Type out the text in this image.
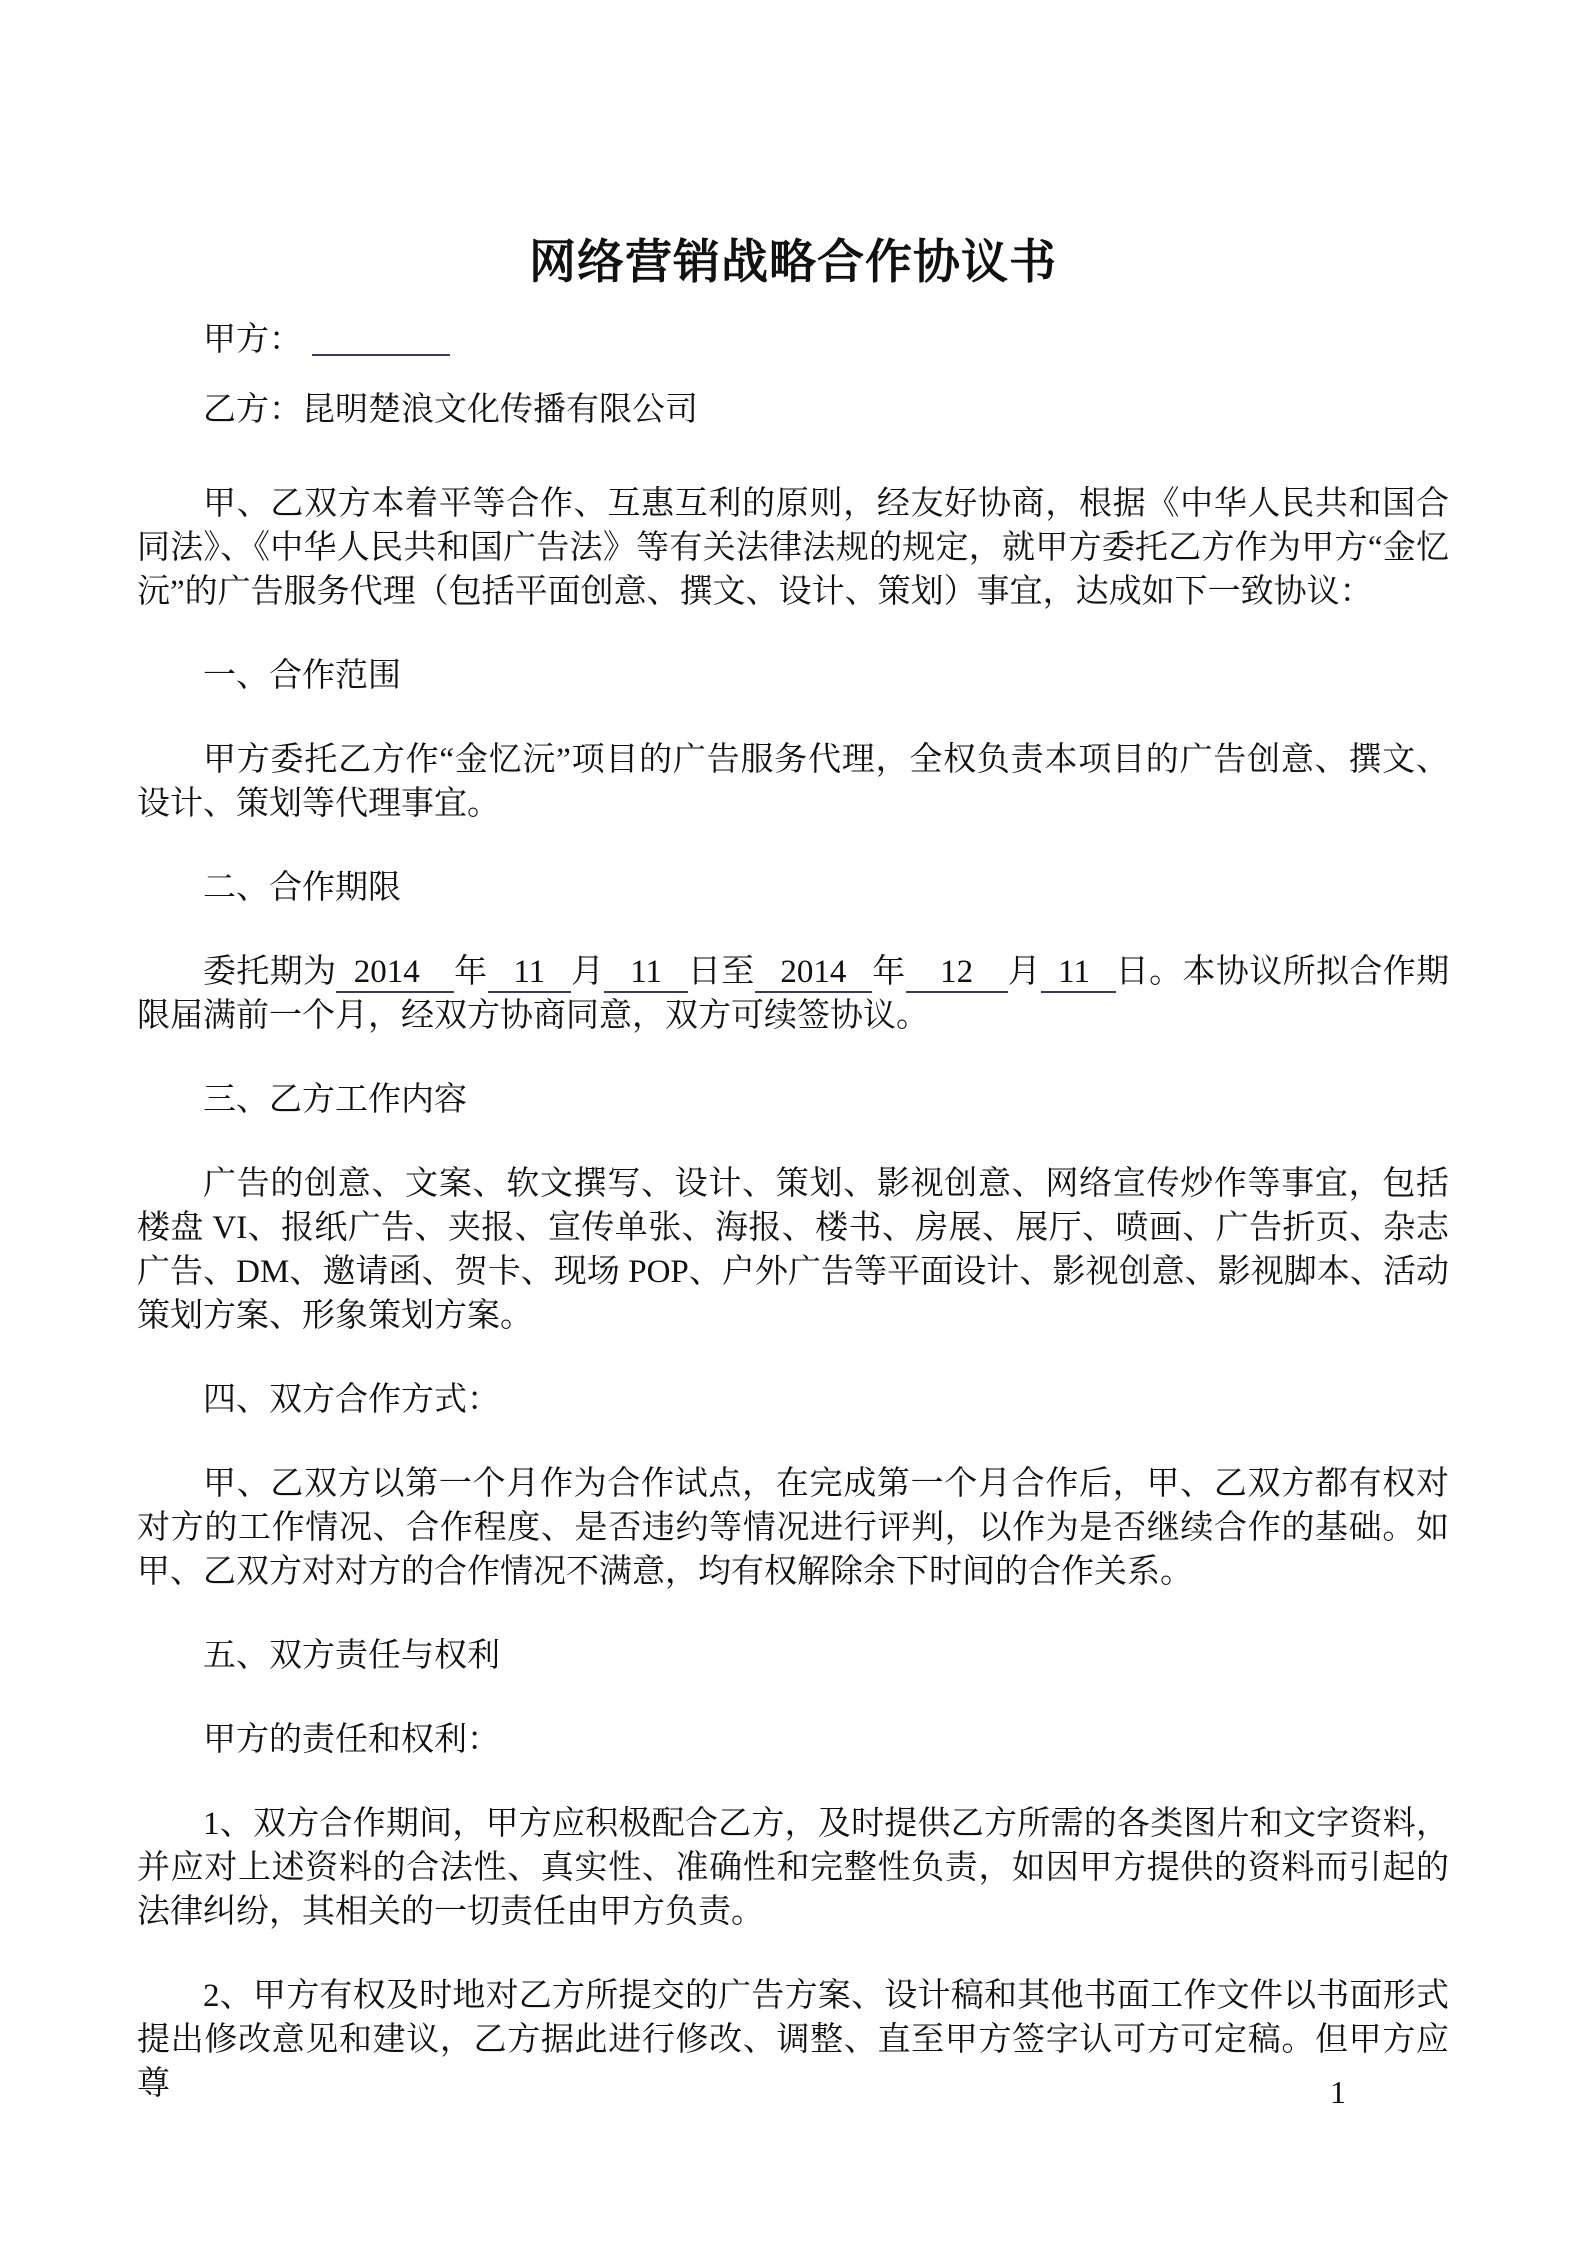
网络营销战略合作协议书

甲方：

乙方：昆明楚浪文化传播有限公司

甲、乙双方本着平等合作、互惠互利的原则，经友好协商，根据《中华人民共和国合同法》、《中华人民共和国广告法》等有关法律法规的规定，就甲方委托乙方作为甲方“金忆沅”的广告服务代理（包括平面创意、撰文、设计、策划）事宜，达成如下一致协议：

一、合作范围

甲方委托乙方作“金忆沅”项目的广告服务代理，全权负责本项目的广告创意、撰文、设计、策划等代理事宜。

二、合作期限

委托期为  2014    年   11   月   11   日至   2014   年    12    月  11   日。本协议所拟合作期限届满前一个月，经双方协商同意，双方可续签协议。

三、乙方工作内容

广告的创意、文案、软文撰写、设计、策划、影视创意、网络宣传炒作等事宜，包括楼盘 VI、报纸广告、夹报、宣传单张、海报、楼书、房展、展厅、喷画、广告折页、杂志广告、DM、邀请函、贺卡、现场 POP、户外广告等平面设计、影视创意、影视脚本、活动策划方案、形象策划方案。

四、双方合作方式：

甲、乙双方以第一个月作为合作试点，在完成第一个月合作后，甲、乙双方都有权对对方的工作情况、合作程度、是否违约等情况进行评判，以作为是否继续合作的基础。如甲、乙双方对对方的合作情况不满意，均有权解除余下时间的合作关系。

五、双方责任与权利

甲方的责任和权利：

1、双方合作期间，甲方应积极配合乙方，及时提供乙方所需的各类图片和文字资料，并应对上述资料的合法性、真实性、准确性和完整性负责，如因甲方提供的资料而引起的法律纠纷，其相关的一切责任由甲方负责。

2、甲方有权及时地对乙方所提交的广告方案、设计稿和其他书面工作文件以书面形式提出修改意见和建议，乙方据此进行修改、调整、直至甲方签字认可方可定稿。但甲方应尊	1
